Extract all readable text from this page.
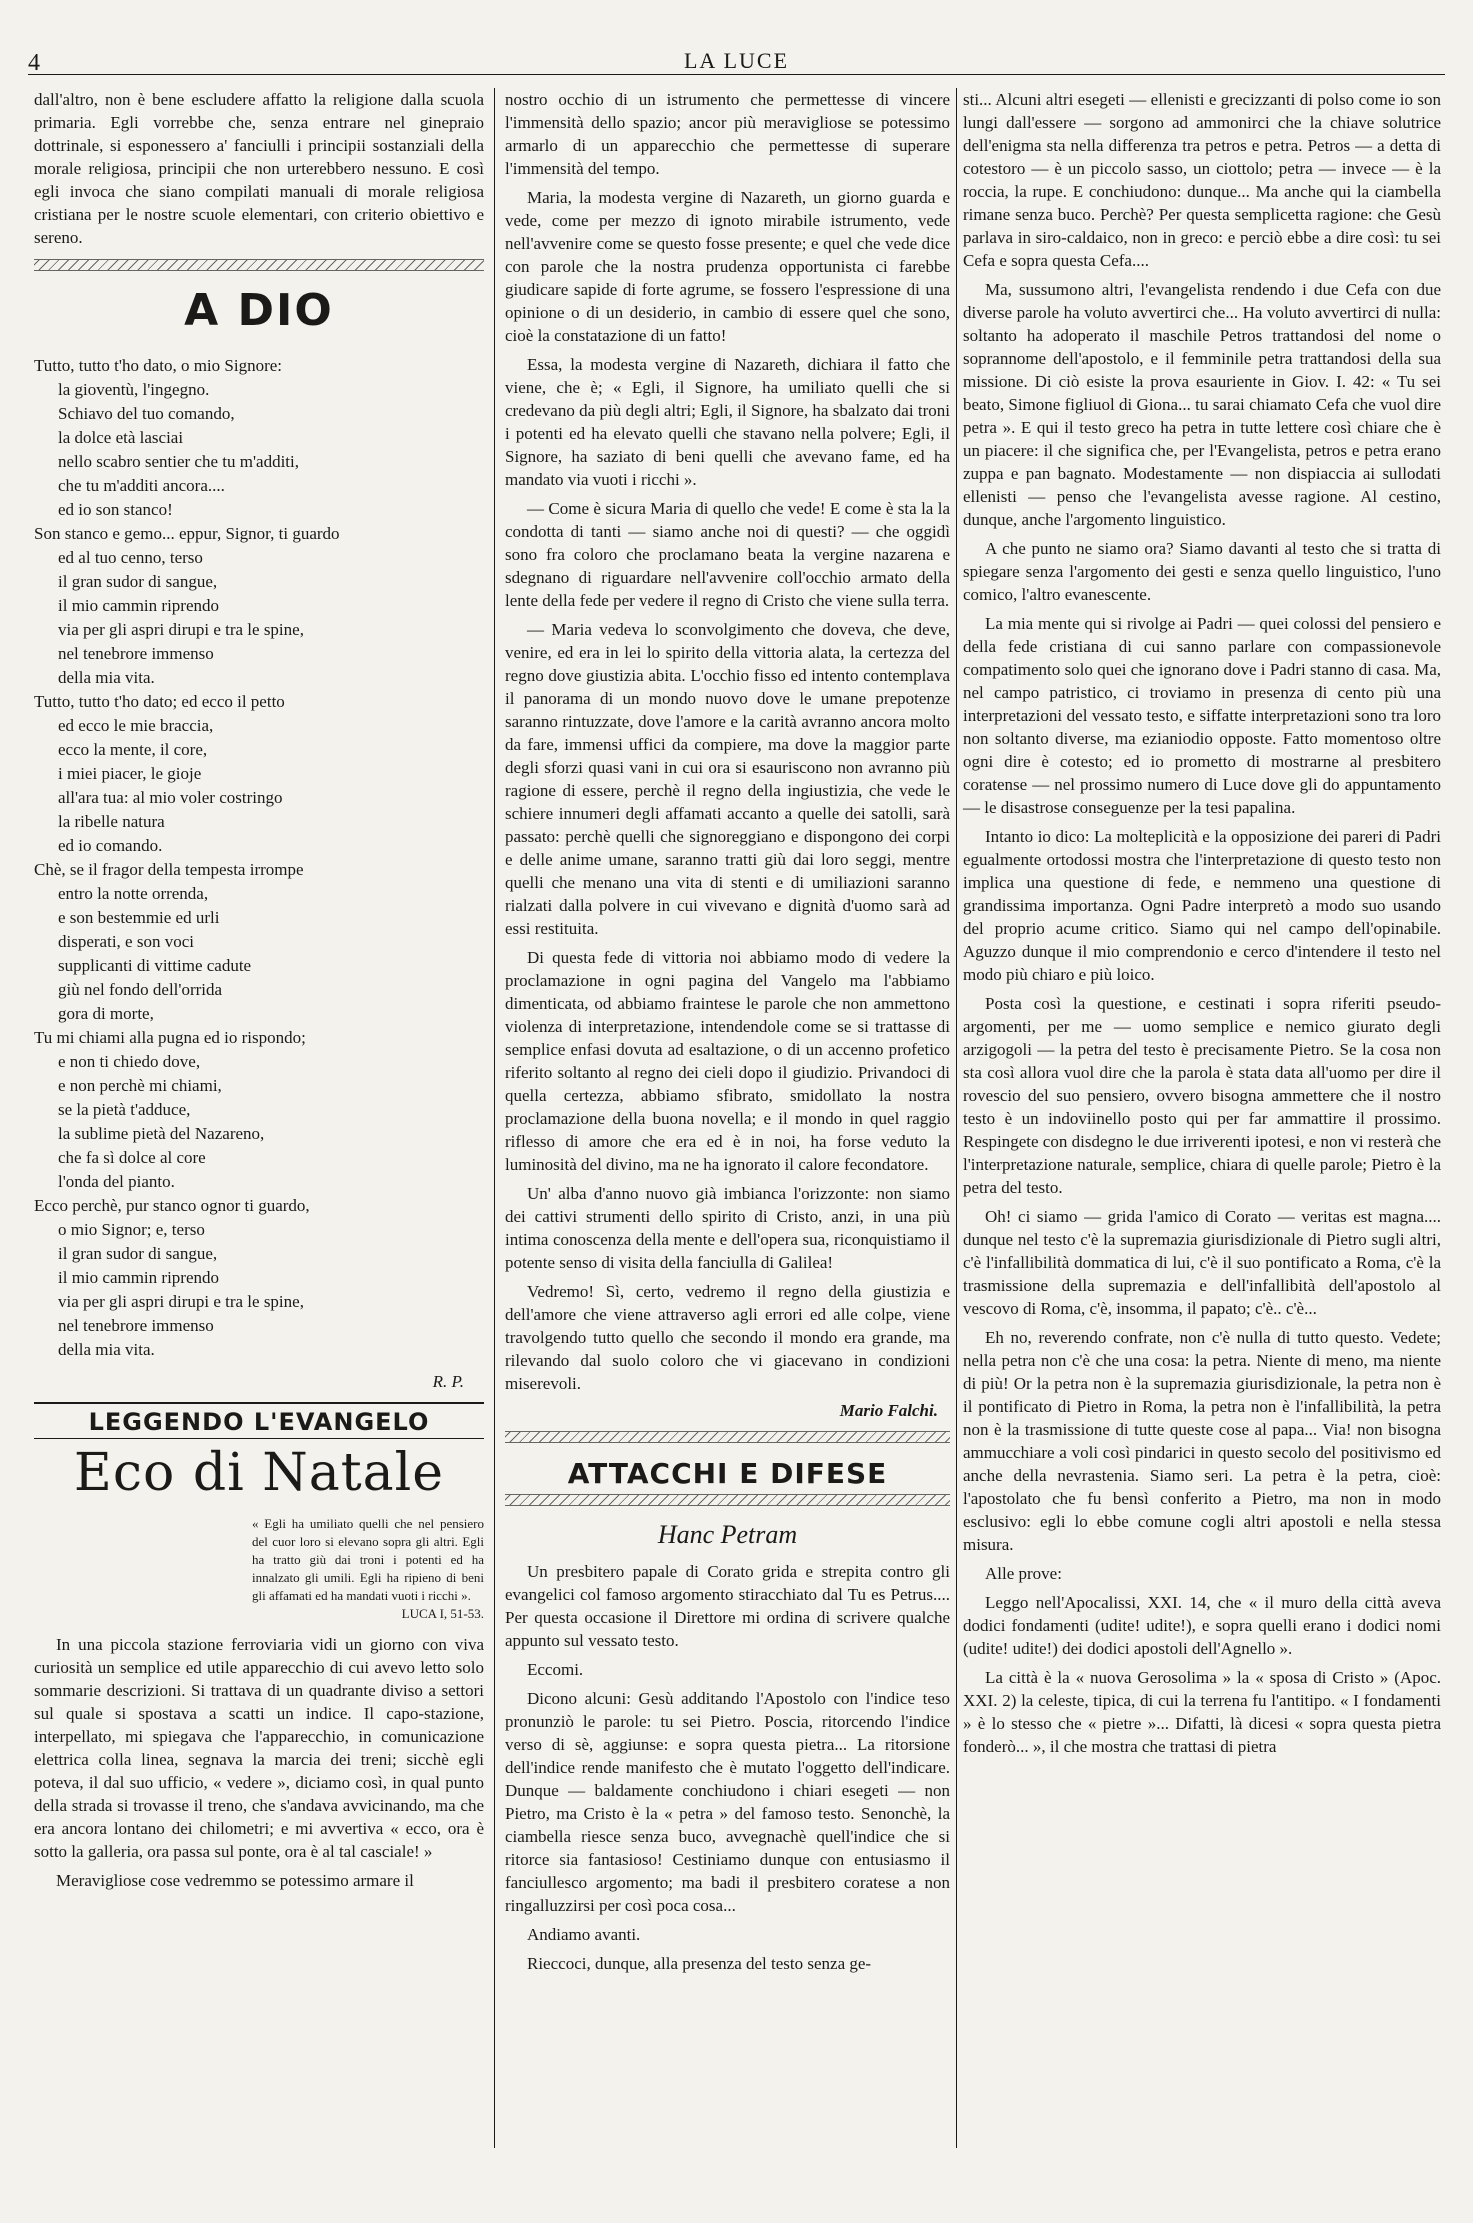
4	LA LUCE

dall'altro, non è bene escludere affatto la religione dalla scuola primaria. Egli vorrebbe che, senza entrare nel ginepraio dottrinale, si esponessero a' fanciulli i principii sostanziali della morale religiosa, principii che non urterebbero nessuno. E così egli invoca che siano compilati manuali di morale religiosa cristiana per le nostre scuole elementari, con criterio obiettivo e sereno.

A DIO
Tutto, tutto t'ho dato, o mio Signore:
la gioventù, l'ingegno.
Schiavo del tuo comando,
la dolce età lasciai
nello scabro sentier che tu m'additi,
che tu m'additi ancora....
ed io son stanco!
Son stanco e gemo... eppur, Signor, ti guardo
ed al tuo cenno, terso
il gran sudor di sangue,
il mio cammin riprendo
via per gli aspri dirupi e tra le spine,
nel tenebrore immenso
della mia vita.
Tutto, tutto t'ho dato; ed ecco il petto
ed ecco le mie braccia,
ecco la mente, il core,
i miei piacer, le gioje
all'ara tua: al mio voler costringo
la ribelle natura
ed io comando.
Chè, se il fragor della tempesta irrompe
entro la notte orrenda,
e son bestemmie ed urli
disperati, e son voci
supplicanti di vittime cadute
giù nel fondo dell'orrida
gora di morte,
Tu mi chiami alla pugna ed io rispondo;
e non ti chiedo dove,
e non perchè mi chiami,
se la pietà t'adduce,
la sublime pietà del Nazareno,
che fa sì dolce al core
l'onda del pianto.
Ecco perchè, pur stanco ognor ti guardo,
o mio Signor; e, terso
il gran sudor di sangue,
il mio cammin riprendo
via per gli aspri dirupi e tra le spine,
nel tenebrore immenso
della mia vita.
R. P.
LEGGENDO L'EVANGELO
Eco di Natale
« Egli ha umiliato quelli che nel pensiero del cuor loro si elevano sopra gli altri. Egli ha tratto giù dai troni i potenti ed ha innalzato gli umili. Egli ha ripieno di beni gli affamati ed ha mandati vuoti i ricchi ».
LUCA I, 51-53.

In una piccola stazione ferroviaria vidi un giorno con viva curiosità un semplice ed utile apparecchio di cui avevo letto solo sommarie descrizioni. Si trattava di un quadrante diviso a settori sul quale si spostava a scatti un indice. Il capo-stazione, interpellato, mi spiegava che l'apparecchio, in comunicazione elettrica colla linea, segnava la marcia dei treni; sicchè egli poteva, il dal suo ufficio, « vedere », diciamo così, in qual punto della strada si trovasse il treno, che s'andava avvicinando, ma che era ancora lontano dei chilometri; e mi avvertiva « ecco, ora è sotto la galleria, ora passa sul ponte, ora è al tal casciale! »

Meravigliose cose vedremmo se potessimo armare il

nostro occhio di un istrumento che permettesse di vincere l'immensità dello spazio; ancor più meravigliose se potessimo armarlo di un apparecchio che permettesse di superare l'immensità del tempo.

Maria, la modesta vergine di Nazareth, un giorno guarda e vede, come per mezzo di ignoto mirabile istrumento, vede nell'avvenire come se questo fosse presente; e quel che vede dice con parole che la nostra prudenza opportunista ci farebbe giudicare sapide di forte agrume, se fossero l'espressione di una opinione o di un desiderio, in cambio di essere quel che sono, cioè la constatazione di un fatto!

Essa, la modesta vergine di Nazareth, dichiara il fatto che viene, che è; « Egli, il Signore, ha umiliato quelli che si credevano da più degli altri; Egli, il Signore, ha sbalzato dai troni i potenti ed ha elevato quelli che stavano nella polvere; Egli, il Signore, ha saziato di beni quelli che avevano fame, ed ha mandato via vuoti i ricchi ».

— Come è sicura Maria di quello che vede! E come è sta la la condotta di tanti — siamo anche noi di questi? — che oggidì sono fra coloro che proclamano beata la vergine nazarena e sdegnano di riguardare nell'avvenire coll'occhio armato della lente della fede per vedere il regno di Cristo che viene sulla terra.

— Maria vedeva lo sconvolgimento che doveva, che deve, venire, ed era in lei lo spirito della vittoria alata, la certezza del regno dove giustizia abita. L'occhio fisso ed intento contemplava il panorama di un mondo nuovo dove le umane prepotenze saranno rintuzzate, dove l'amore e la carità avranno ancora molto da fare, immensi uffici da compiere, ma dove la maggior parte degli sforzi quasi vani in cui ora si esauriscono non avranno più ragione di essere, perchè il regno della ingiustizia, che vede le schiere innumeri degli affamati accanto a quelle dei satolli, sarà passato: perchè quelli che signoreggiano e dispongono dei corpi e delle anime umane, saranno tratti giù dai loro seggi, mentre quelli che menano una vita di stenti e di umiliazioni saranno rialzati dalla polvere in cui vivevano e dignità d'uomo sarà ad essi restituita.

Di questa fede di vittoria noi abbiamo modo di vedere la proclamazione in ogni pagina del Vangelo ma l'abbiamo dimenticata, od abbiamo fraintese le parole che non ammettono violenza di interpretazione, intendendole come se si trattasse di semplice enfasi dovuta ad esaltazione, o di un accenno profetico riferito soltanto al regno dei cieli dopo il giudizio. Privandoci di quella certezza, abbiamo sfibrato, smidollato la nostra proclamazione della buona novella; e il mondo in quel raggio riflesso di amore che era ed è in noi, ha forse veduto la luminosità del divino, ma ne ha ignorato il calore fecondatore.

Un' alba d'anno nuovo già imbianca l'orizzonte: non siamo dei cattivi strumenti dello spirito di Cristo, anzi, in una più intima conoscenza della mente e dell'opera sua, riconquistiamo il potente senso di visita della fanciulla di Galilea!

Vedremo! Sì, certo, vedremo il regno della giustizia e dell'amore che viene attraverso agli errori ed alle colpe, viene travolgendo tutto quello che secondo il mondo era grande, ma rilevando dal suolo coloro che vi giacevano in condizioni miserevoli.

Mario Falchi.
ATTACCHI E DIFESE
Hanc Petram

Un presbitero papale di Corato grida e strepita contro gli evangelici col famoso argomento stiracchiato dal Tu es Petrus.... Per questa occasione il Direttore mi ordina di scrivere qualche appunto sul vessato testo.

Eccomi.

Dicono alcuni: Gesù additando l'Apostolo con l'indice teso pronunziò le parole: tu sei Pietro. Poscia, ritorcendo l'indice verso di sè, aggiunse: e sopra questa pietra... La ritorsione dell'indice rende manifesto che è mutato l'oggetto dell'indicare. Dunque — baldamente conchiudono i chiari esegeti — non Pietro, ma Cristo è la « petra » del famoso testo. Senonchè, la ciambella riesce senza buco, avvegnachè quell'indice che si ritorce sia fantasioso! Cestiniamo dunque con entusiasmo il fanciullesco argomento; ma badi il presbitero coratese a non ringalluzzirsi per così poca cosa...

Andiamo avanti.

Rieccoci, dunque, alla presenza del testo senza ge-

sti... Alcuni altri esegeti — ellenisti e grecizzanti di polso come io son lungi dall'essere — sorgono ad ammonirci che la chiave solutrice dell'enigma sta nella differenza tra petros e petra. Petros — a detta di cotestoro — è un piccolo sasso, un ciottolo; petra — invece — è la roccia, la rupe. E conchiudono: dunque... Ma anche qui la ciambella rimane senza buco. Perchè? Per questa semplicetta ragione: che Gesù parlava in siro-caldaico, non in greco: e perciò ebbe a dire così: tu sei Cefa e sopra questa Cefa....

Ma, sussumono altri, l'evangelista rendendo i due Cefa con due diverse parole ha voluto avvertirci che... Ha voluto avvertirci di nulla: soltanto ha adoperato il maschile Petros trattandosi del nome o soprannome dell'apostolo, e il femminile petra trattandosi della sua missione. Di ciò esiste la prova esauriente in Giov. I. 42: « Tu sei beato, Simone figliuol di Giona... tu sarai chiamato Cefa che vuol dire petra ». E qui il testo greco ha petra in tutte lettere così chiare che è un piacere: il che significa che, per l'Evangelista, petros e petra erano zuppa e pan bagnato. Modestamente — non dispiaccia ai sullodati ellenisti — penso che l'evangelista avesse ragione. Al cestino, dunque, anche l'argomento linguistico.

A che punto ne siamo ora? Siamo davanti al testo che si tratta di spiegare senza l'argomento dei gesti e senza quello linguistico, l'uno comico, l'altro evanescente.

La mia mente qui si rivolge ai Padri — quei colossi del pensiero e della fede cristiana di cui sanno parlare con compassionevole compatimento solo quei che ignorano dove i Padri stanno di casa. Ma, nel campo patristico, ci troviamo in presenza di cento più una interpretazioni del vessato testo, e siffatte interpretazioni sono tra loro non soltanto diverse, ma ezianiodio opposte. Fatto momentoso oltre ogni dire è cotesto; ed io prometto di mostrarne al presbitero coratense — nel prossimo numero di Luce dove gli do appuntamento — le disastrose conseguenze per la tesi papalina.

Intanto io dico: La molteplicità e la opposizione dei pareri di Padri egualmente ortodossi mostra che l'interpretazione di questo testo non implica una questione di fede, e nemmeno una questione di grandissima importanza. Ogni Padre interpretò a modo suo usando del proprio acume critico. Siamo qui nel campo dell'opinabile. Aguzzo dunque il mio comprendonio e cerco d'intendere il testo nel modo più chiaro e più loico.

Posta così la questione, e cestinati i sopra riferiti pseudo-argomenti, per me — uomo semplice e nemico giurato degli arzigogoli — la petra del testo è precisamente Pietro. Se la cosa non sta così allora vuol dire che la parola è stata data all'uomo per dire il rovescio del suo pensiero, ovvero bisogna ammettere che il nostro testo è un indoviinello posto qui per far ammattire il prossimo. Respingete con disdegno le due irriverenti ipotesi, e non vi resterà che l'interpretazione naturale, semplice, chiara di quelle parole; Pietro è la petra del testo.

Oh! ci siamo — grida l'amico di Corato — veritas est magna.... dunque nel testo c'è la supremazia giurisdizionale di Pietro sugli altri, c'è l'infallibilità dommatica di lui, c'è il suo pontificato a Roma, c'è la trasmissione della supremazia e dell'infallibità dell'apostolo al vescovo di Roma, c'è, insomma, il papato; c'è.. c'è...

Eh no, reverendo confrate, non c'è nulla di tutto questo. Vedete; nella petra non c'è che una cosa: la petra. Niente di meno, ma niente di più! Or la petra non è la supremazia giurisdizionale, la petra non è il pontificato di Pietro in Roma, la petra non è l'infallibilità, la petra non è la trasmissione di tutte queste cose al papa... Via! non bisogna ammucchiare a voli così pindarici in questo secolo del positivismo ed anche della nevrastenia. Siamo seri. La petra è la petra, cioè: l'apostolato che fu bensì conferito a Pietro, ma non in modo esclusivo: egli lo ebbe comune cogli altri apostoli e nella stessa misura.

Alle prove:

Leggo nell'Apocalissi, XXI. 14, che « il muro della città aveva dodici fondamenti (udite! udite!), e sopra quelli erano i dodici nomi (udite! udite!) dei dodici apostoli dell'Agnello ».

La città è la « nuova Gerosolima » la « sposa di Cristo » (Apoc. XXI. 2) la celeste, tipica, di cui la terrena fu l'antitipo. « I fondamenti » è lo stesso che « pietre »... Difatti, là dicesi « sopra questa pietra fonderò... », il che mostra che trattasi di pietra
